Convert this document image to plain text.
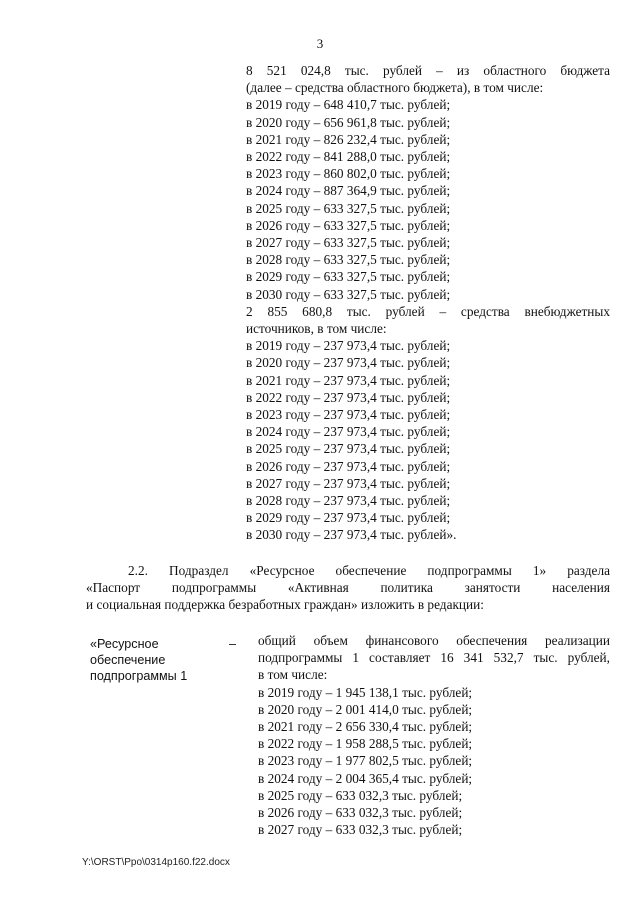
3
8 521 024,8 тыс. рублей – из областного бюджета
(далее – средства областного бюджета), в том числе:
в 2019 году – 648 410,7 тыс. рублей;
в 2020 году – 656 961,8 тыс. рублей;
в 2021 году – 826 232,4 тыс. рублей;
в 2022 году – 841 288,0 тыс. рублей;
в 2023 году – 860 802,0 тыс. рублей;
в 2024 году – 887 364,9 тыс. рублей;
в 2025 году – 633 327,5 тыс. рублей;
в 2026 году – 633 327,5 тыс. рублей;
в 2027 году – 633 327,5 тыс. рублей;
в 2028 году – 633 327,5 тыс. рублей;
в 2029 году – 633 327,5 тыс. рублей;
в 2030 году – 633 327,5 тыс. рублей;
2 855 680,8 тыс. рублей – средства внебюджетных
источников, в том числе:
в 2019 году – 237 973,4 тыс. рублей;
в 2020 году – 237 973,4 тыс. рублей;
в 2021 году – 237 973,4 тыс. рублей;
в 2022 году – 237 973,4 тыс. рублей;
в 2023 году – 237 973,4 тыс. рублей;
в 2024 году – 237 973,4 тыс. рублей;
в 2025 году – 237 973,4 тыс. рублей;
в 2026 году – 237 973,4 тыс. рублей;
в 2027 году – 237 973,4 тыс. рублей;
в 2028 году – 237 973,4 тыс. рублей;
в 2029 году – 237 973,4 тыс. рублей;
в 2030 году – 237 973,4 тыс. рублей».
2.2. Подраздел «Ресурсное обеспечение подпрограммы 1» раздела
«Паспорт подпрограммы «Активная политика занятости населения
и социальная поддержка безработных граждан» изложить в редакции:
«Ресурсное	–
обеспечение
подпрограммы 1
общий объем финансового обеспечения реализации
подпрограммы 1 составляет 16 341 532,7 тыс. рублей,
в том числе:
в 2019 году – 1 945 138,1 тыс. рублей;
в 2020 году – 2 001 414,0 тыс. рублей;
в 2021 году – 2 656 330,4 тыс. рублей;
в 2022 году – 1 958 288,5 тыс. рублей;
в 2023 году – 1 977 802,5 тыс. рублей;
в 2024 году – 2 004 365,4 тыс. рублей;
в 2025 году – 633 032,3 тыс. рублей;
в 2026 году – 633 032,3 тыс. рублей;
в 2027 году – 633 032,3 тыс. рублей;
Y:\ORST\Ppo\0314p160.f22.docx
